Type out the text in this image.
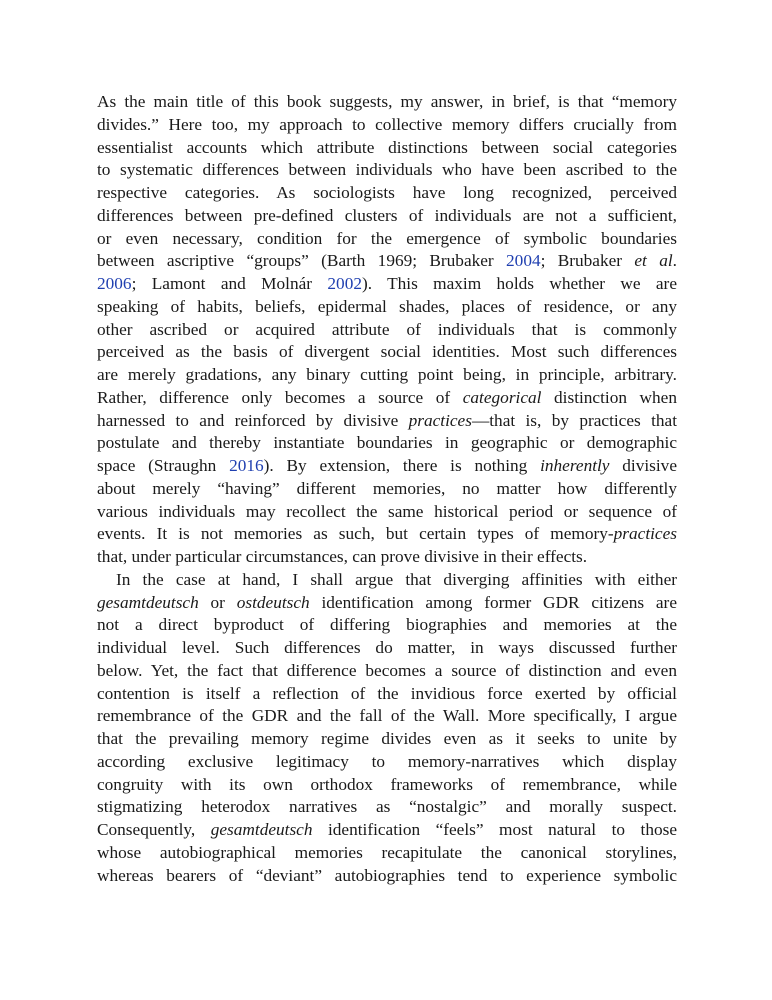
As the main title of this book suggests, my answer, in brief, is that “memory
divides.” Here too, my approach to collective memory differs crucially from
essentialist accounts which attribute distinctions between social categories
to systematic differences between individuals who have been ascribed to the
respective categories. As sociologists have long recognized, perceived
differences between pre-defined clusters of individuals are not a sufficient,
or even necessary, condition for the emergence of symbolic boundaries
between ascriptive “groups” (Barth 1969; Brubaker 2004; Brubaker et al.
2006; Lamont and Molnár 2002). This maxim holds whether we are
speaking of habits, beliefs, epidermal shades, places of residence, or any
other ascribed or acquired attribute of individuals that is commonly
perceived as the basis of divergent social identities. Most such differences
are merely gradations, any binary cutting point being, in principle, arbitrary.
Rather, difference only becomes a source of categorical distinction when
harnessed to and reinforced by divisive practices—that is, by practices that
postulate and thereby instantiate boundaries in geographic or demographic
space (Straughn 2016). By extension, there is nothing inherently divisive
about merely “having” different memories, no matter how differently
various individuals may recollect the same historical period or sequence of
events. It is not memories as such, but certain types of memory-practices
that, under particular circumstances, can prove divisive in their effects.
In the case at hand, I shall argue that diverging affinities with either
gesamtdeutsch or ostdeutsch identification among former GDR citizens are
not a direct byproduct of differing biographies and memories at the
individual level. Such differences do matter, in ways discussed further
below. Yet, the fact that difference becomes a source of distinction and even
contention is itself a reflection of the invidious force exerted by official
remembrance of the GDR and the fall of the Wall. More specifically, I argue
that the prevailing memory regime divides even as it seeks to unite by
according exclusive legitimacy to memory-narratives which display
congruity with its own orthodox frameworks of remembrance, while
stigmatizing heterodox narratives as “nostalgic” and morally suspect.
Consequently, gesamtdeutsch identification “feels” most natural to those
whose autobiographical memories recapitulate the canonical storylines,
whereas bearers of “deviant” autobiographies tend to experience symbolic
